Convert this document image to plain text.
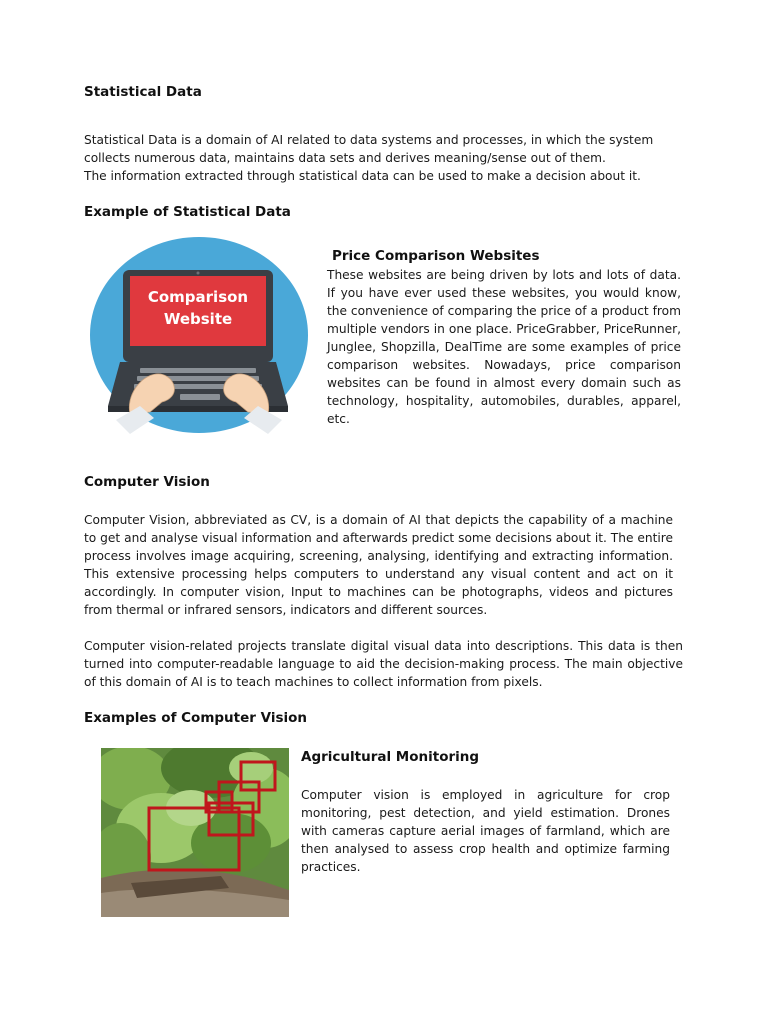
Statistical Data

Statistical Data is a domain of AI related to data systems and processes, in which the system collects numerous data, maintains data sets and derives meaning/sense out of them.

The information extracted through statistical data can be used to make a decision about it.

Example of Statistical Data
Comparison
Website
Price Comparison Websites

These websites are being driven by lots and lots of data. If you have ever used these websites, you would know, the convenience of comparing the price of a product from multiple vendors in one place. PriceGrabber, PriceRunner, Junglee, Shopzilla, DealTime are some examples of price comparison websites. Nowadays, price comparison websites can be found in almost every domain such as technology, hospitality, automobiles, durables, apparel, etc.

Computer Vision

Computer Vision, abbreviated as CV, is a domain of AI that depicts the capability of a machine to get and analyse visual information and afterwards predict some decisions about it. The entire process involves image acquiring, screening, analysing, identifying and extracting information. This extensive processing helps computers to understand any visual content and act on it accordingly. In computer vision, Input to machines can be photographs, videos and pictures from thermal or infrared sensors, indicators and different sources.

Computer vision-related projects translate digital visual data into descriptions. This data is then turned into computer-readable language to aid the decision-making process. The main objective of this domain of AI is to teach machines to collect information from pixels.

Examples of Computer Vision
Agricultural Monitoring

Computer vision is employed in agriculture for crop monitoring, pest detection, and yield estimation. Drones with cameras capture aerial images of farmland, which are then analysed to assess crop health and optimize farming practices.
